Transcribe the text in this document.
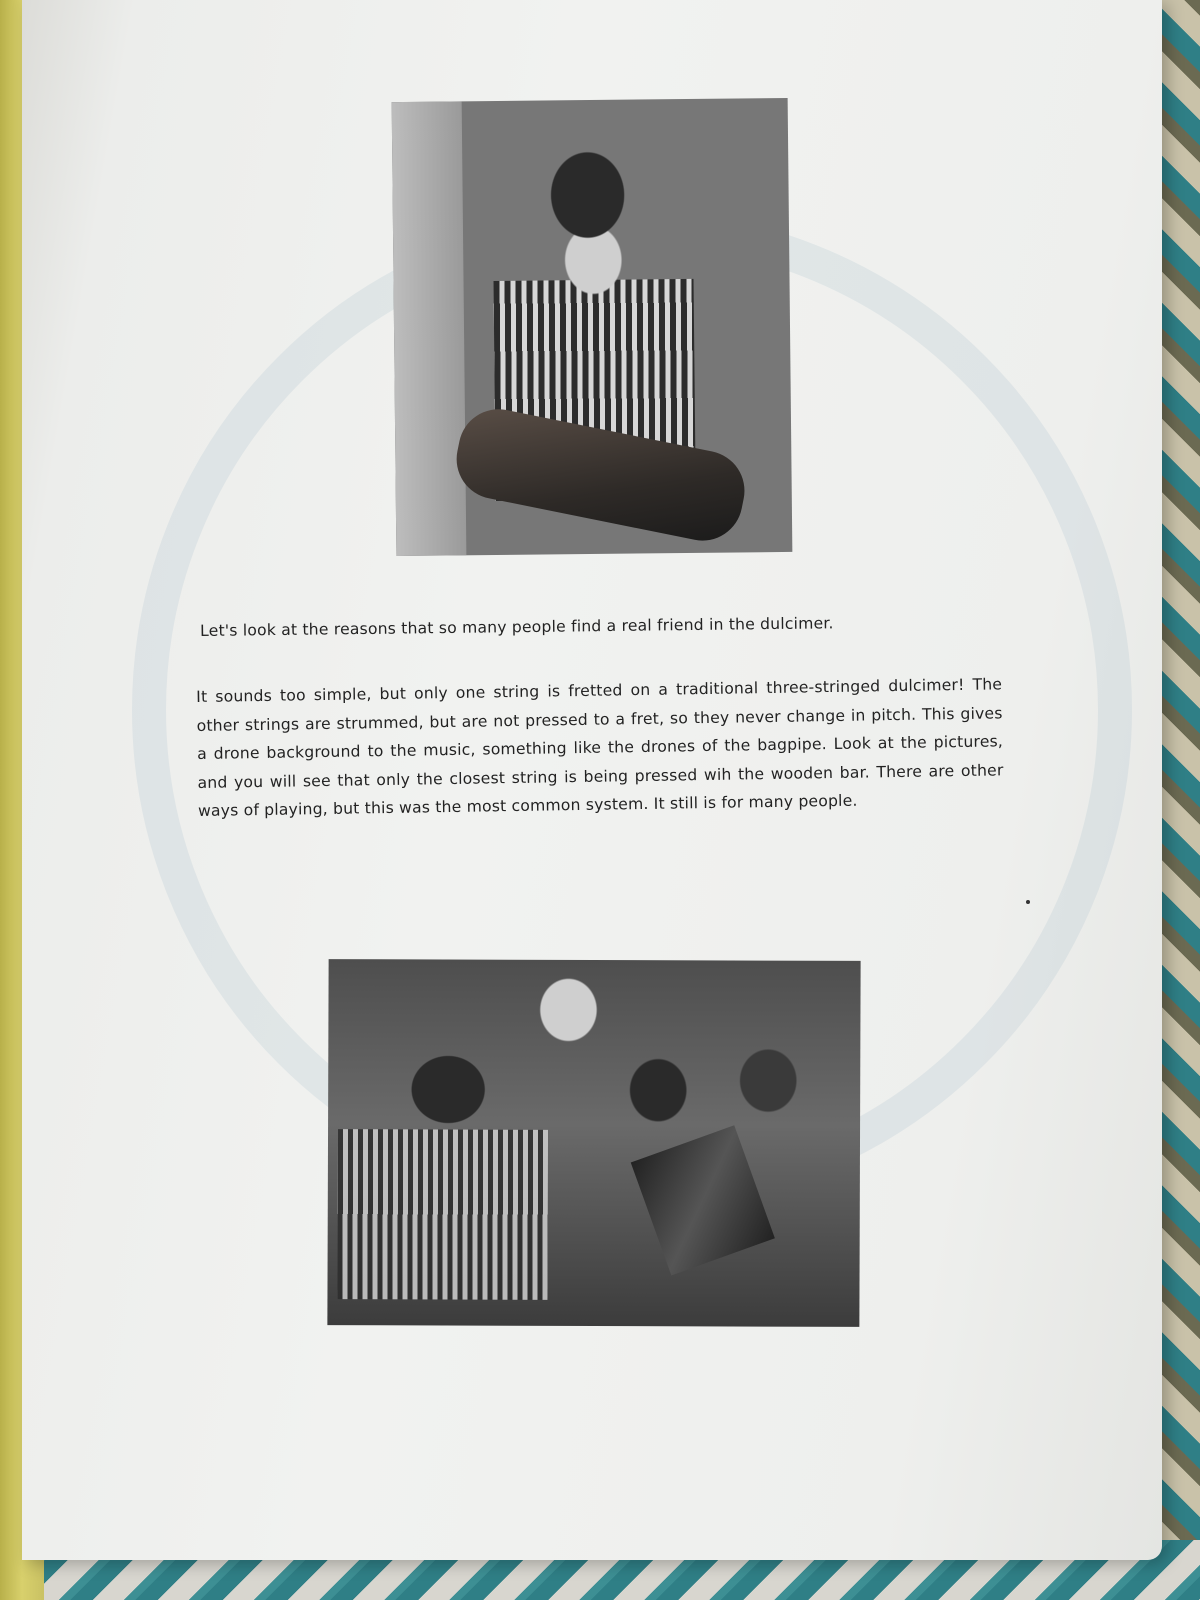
Let's look at the reasons that so many people find a real friend in the dulcimer.
It sounds too simple, but only one string is fretted on a traditional three-stringed dulcimer! The other strings are strummed, but are not pressed to a fret, so they never change in pitch. This gives a drone background to the music, something like the drones of the bagpipe. Look at the pictures, and you will see that only the closest string is being pressed wih the wooden bar. There are other ways of playing, but this was the most common system. It still is for many people.
